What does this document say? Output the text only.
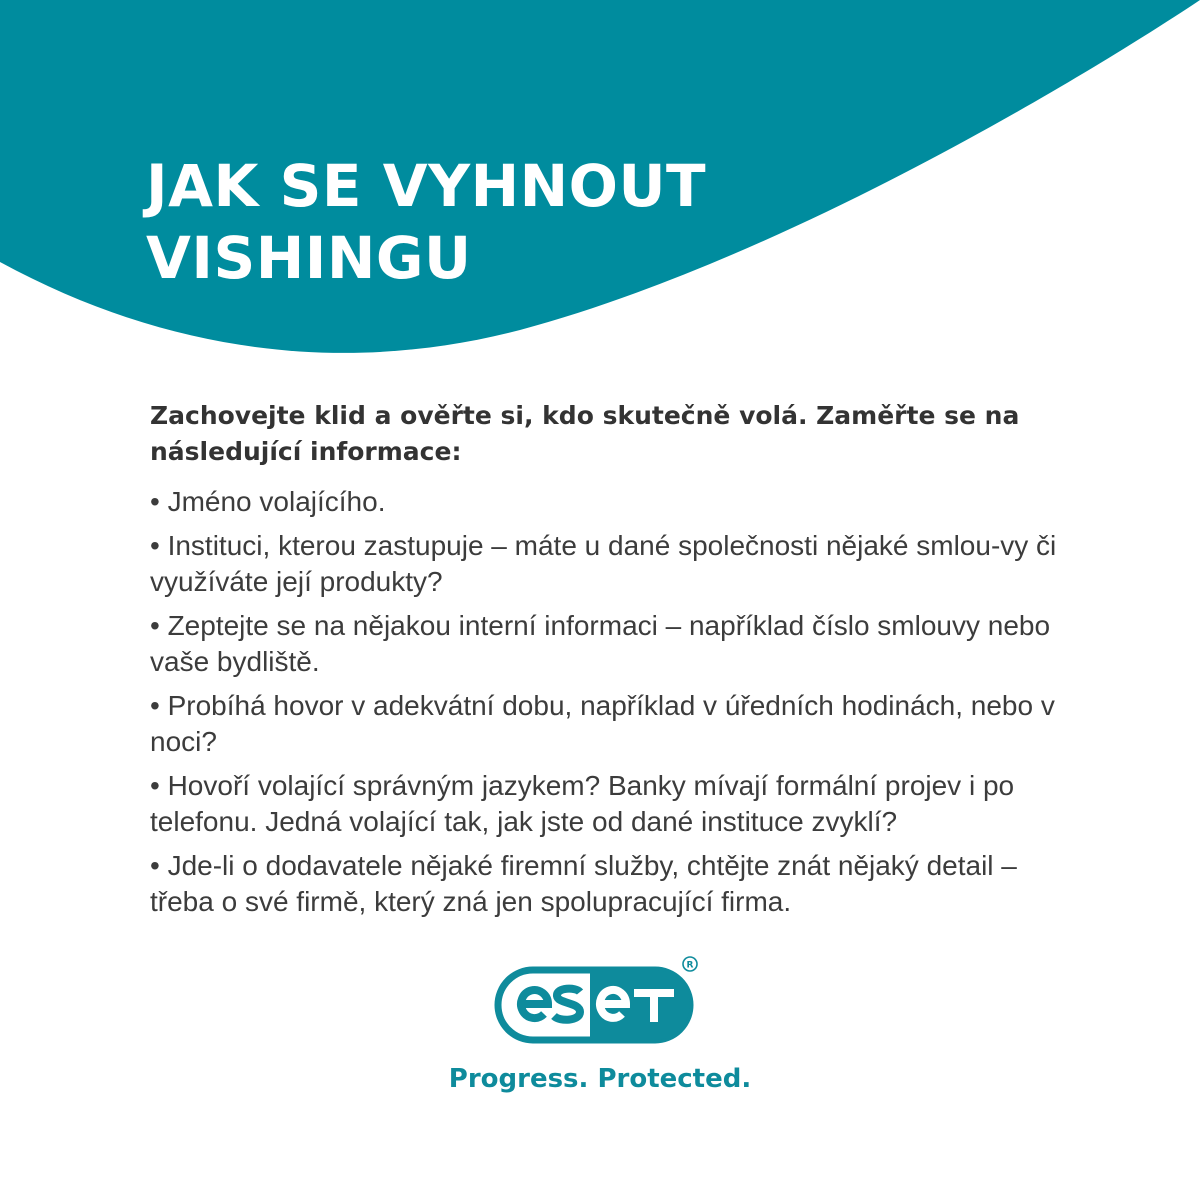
JAK SE VYHNOUT
VISHINGU

Zachovejte klid a ověřte si, kdo skutečně volá. Zaměřte se na následující informace:

• Jméno volajícího.
• Instituci, kterou zastupuje – máte u dané společnosti nějaké smlou-vy či využíváte její produkty?
• Zeptejte se na nějakou interní informaci – například číslo smlouvy nebo vaše bydliště.
• Probíhá hovor v adekvátní dobu, například v úředních hodinách, nebo v noci?
• Hovoří volající správným jazykem? Banky mívají formální projev i po telefonu. Jedná volající tak, jak jste od dané instituce zvyklí?
• Jde-li o dodavatele nějaké firemní služby, chtějte znát nějaký detail – třeba o své firmě, který zná jen spolupracující firma.
R
Progress. Protected.
